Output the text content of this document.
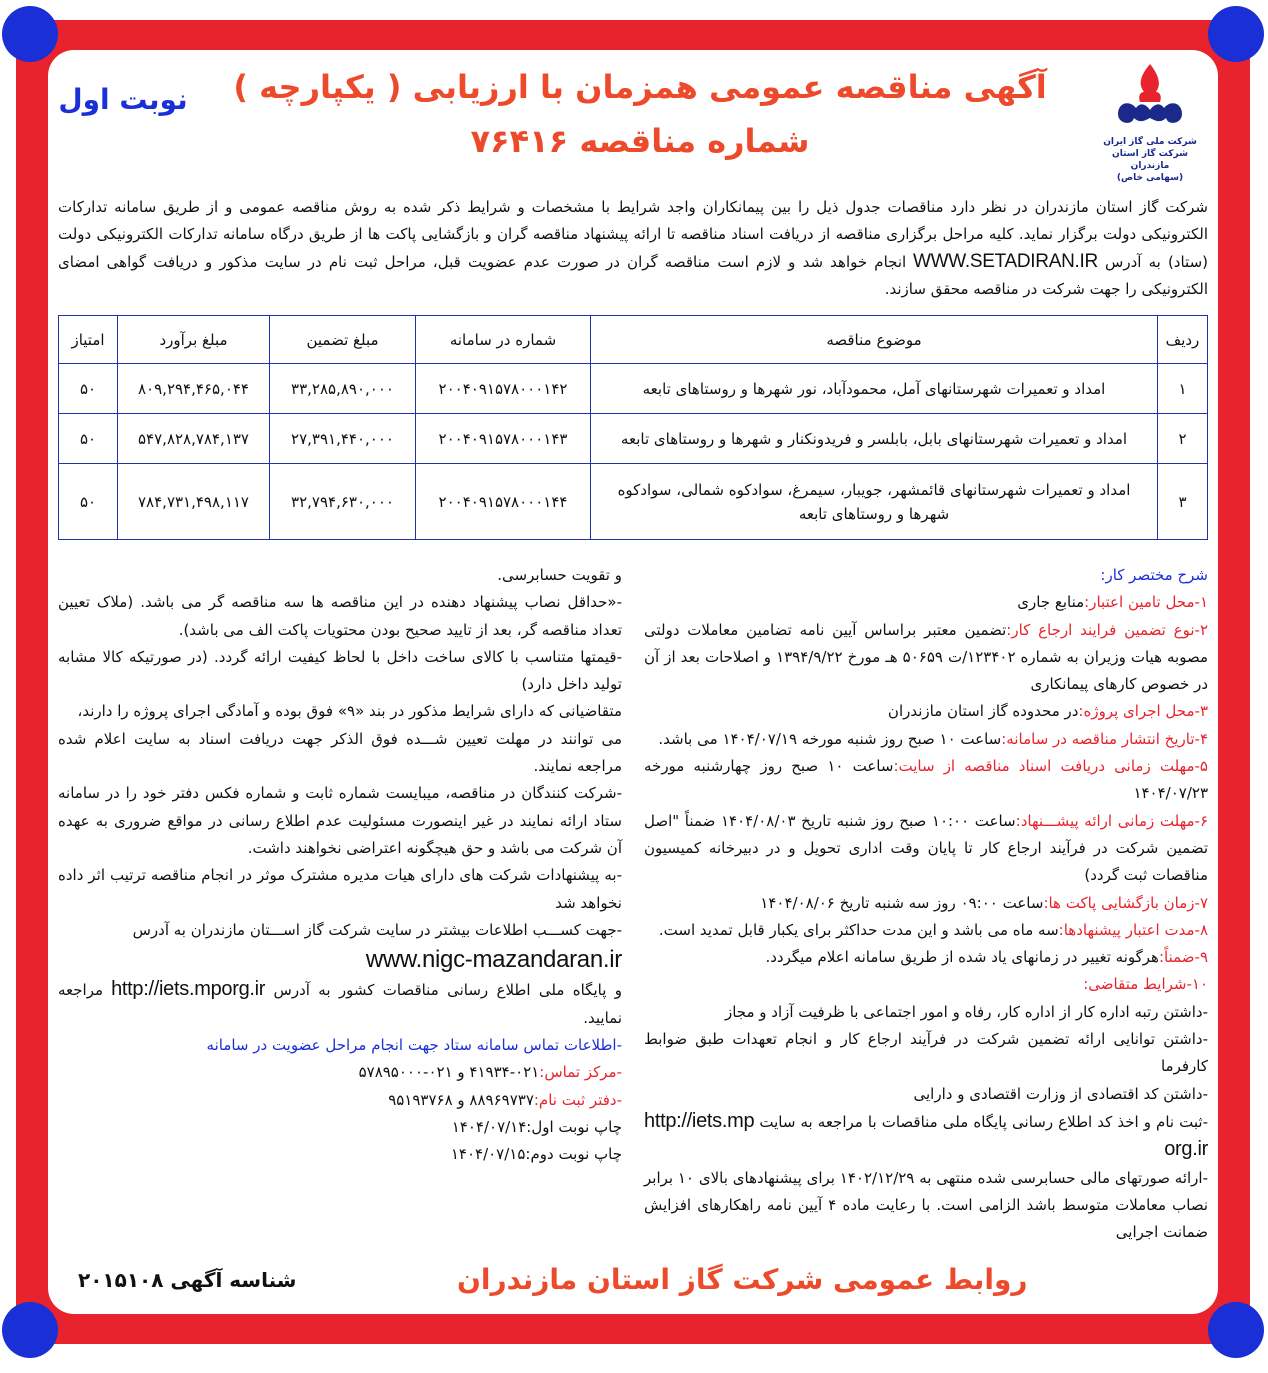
شرکت ملی گاز ایران
شرکت گاز استان مازندران
(سهامی خاص)
آگهی مناقصه عمومی همزمان با ارزیابی ( یکپارچه )
شماره مناقصه ۷۶۴۱۶
نوبت اول
شرکت گاز استان مازندران در نظر دارد مناقصات جدول ذیل را بین پیمانکاران واجد شرایط با مشخصات و شرایط ذکر شده به روش مناقصه عمومی و از طریق سامانه تدارکات الکترونیکی دولت برگزار نماید. کلیه مراحل برگزاری مناقصه از دریافت اسناد مناقصه تا ارائه پیشنهاد مناقصه گران و بازگشایی پاکت ها از طریق درگاه سامانه تدارکات الکترونیکی دولت (ستاد) به آدرس WWW.SETADIRAN.IR انجام خواهد شد و لازم است مناقصه گران در صورت عدم عضویت قبل، مراحل ثبت نام در سایت مذکور و دریافت گواهی امضای الکترونیکی را جهت شرکت در مناقصه محقق سازند.
ردیف	موضوع مناقصه	شماره در سامانه	مبلغ تضمین	مبلغ برآورد	امتیاز
۱	امداد و تعمیرات شهرستانهای آمل، محمودآباد، نور شهرها و روستاهای تابعه	۲۰۰۴۰۹۱۵۷۸۰۰۰۱۴۲	۳۳,۲۸۵,۸۹۰,۰۰۰	۸۰۹,۲۹۴,۴۶۵,۰۴۴	۵۰
۲	امداد و تعمیرات شهرستانهای بابل، بابلسر و فریدونکنار و شهرها و روستاهای تابعه	۲۰۰۴۰۹۱۵۷۸۰۰۰۱۴۳	۲۷,۳۹۱,۴۴۰,۰۰۰	۵۴۷,۸۲۸,۷۸۴,۱۳۷	۵۰
۳	امداد و تعمیرات شهرستانهای قائمشهر، جویبار، سیمرغ، سوادکوه شمالی، سوادکوه شهرها و روستاهای تابعه	۲۰۰۴۰۹۱۵۷۸۰۰۰۱۴۴	۳۲,۷۹۴,۶۳۰,۰۰۰	۷۸۴,۷۳۱,۴۹۸,۱۱۷	۵۰

شرح مختصر کار:

۱-محل تامین اعتبار:منابع جاری

۲-نوع تضمین فرایند ارجاع کار:تضمین معتبر براساس آیین نامه تضامین معاملات دولتی مصوبه هیات وزیران به شماره ۱۲۳۴۰۲/ت ۵۰۶۵۹ هـ مورخ ۱۳۹۴/۹/۲۲ و اصلاحات بعد از آن در خصوص کارهای پیمانکاری

۳-محل اجرای پروژه:در محدوده گاز استان مازندران

۴-تاریخ انتشار مناقصه در سامانه:ساعت ۱۰ صبح روز شنبه مورخه ۱۴۰۴/۰۷/۱۹ می باشد.

۵-مهلت زمانی دریافت اسناد مناقصه از سایت:ساعت ۱۰ صبح روز چهارشنبه مورخه ۱۴۰۴/۰۷/۲۳

۶-مهلت زمانی ارائه پیشـــنهاد:ساعت ۱۰:۰۰ صبح روز شنبه تاریخ ۱۴۰۴/۰۸/۰۳ ضمناً "اصل تضمین شرکت در فرآیند ارجاع کار تا پایان وقت اداری تحویل و در دبیرخانه کمیسیون مناقصات ثبت گردد)

۷-زمان بازگشایی پاکت ها:ساعت ۰۹:۰۰ روز سه شنبه تاریخ ۱۴۰۴/۰۸/۰۶

۸-مدت اعتبار پیشنهادها:سه ماه می باشد و این مدت حداکثر برای یکبار قابل تمدید است.

۹-ضمناً:هرگونه تغییر در زمانهای یاد شده از طریق سامانه اعلام میگردد.

۱۰-شرایط متقاضی:

-داشتن رتبه اداره کار از اداره کار، رفاه و امور اجتماعی با ظرفیت آزاد و مجاز

-داشتن توانایی ارائه تضمین شرکت در فرآیند ارجاع کار و انجام تعهدات طبق ضوابط کارفرما

-داشتن کد اقتصادی از وزارت اقتصادی و دارایی

-ثبت نام و اخذ کد اطلاع رسانی پایگاه ملی مناقصات با مراجعه به سایت http://iets.mporg.ir

-ارائه صورتهای مالی حسابرسی شده منتهی به ۱۴۰۲/۱۲/۲۹ برای پیشنهادهای بالای ۱۰ برابر نصاب معاملات متوسط باشد الزامی است. با رعایت ماده ۴ آیین نامه راهکارهای افزایش ضمانت اجرایی

و تقویت حسابرسی.

-«حداقل نصاب پیشنهاد دهنده در این مناقصه ها سه مناقصه گر می باشد. (ملاک تعیین تعداد مناقصه گر، بعد از تایید صحیح بودن محتویات پاکت الف می باشد).

-قیمتها متناسب با کالای ساخت داخل با لحاظ کیفیت ارائه گردد. (در صورتیکه کالا مشابه تولید داخل دارد)

متقاضیانی که دارای شرایط مذکور در بند «۹» فوق بوده و آمادگی اجرای پروژه را دارند،

می توانند در مهلت تعیین شـــده فوق الذکر جهت دریافت اسناد به سایت اعلام شده مراجعه نمایند.

-شرکت کنندگان در مناقصه، میبایست شماره ثابت و شماره فکس دفتر خود را در سامانه ستاد ارائه نمایند در غیر اینصورت مسئولیت عدم اطلاع رسانی در مواقع ضروری به عهده آن شرکت می باشد و حق هیچگونه اعتراضی نخواهند داشت.

-به پیشنهادات شرکت های دارای هیات مدیره مشترک موثر در انجام مناقصه ترتیب اثر داده نخواهد شد

-جهت کســـب اطلاعات بیشتر در سایت شرکت گاز اســـتان مازندران به آدرس

www.nigc-mazandaran.ir

و پایگاه ملی اطلاع رسانی مناقصات کشور به آدرس http://iets.mporg.ir مراجعه نمایید.

-اطلاعات تماس سامانه ستاد جهت انجام مراحل عضویت در سامانه

-مرکز تماس:۰۲۱-۴۱۹۳۴ و ۰۲۱-۵۷۸۹۵۰۰۰

-دفتر ثبت نام:۸۸۹۶۹۷۳۷ و ۹۵۱۹۳۷۶۸

چاپ نوبت اول:۱۴۰۴/۰۷/۱۴

چاپ نوبت دوم:۱۴۰۴/۰۷/۱۵

روابط عمومی شرکت گاز استان مازندران
شناسه آگهی ۲۰۱۵۱۰۸
